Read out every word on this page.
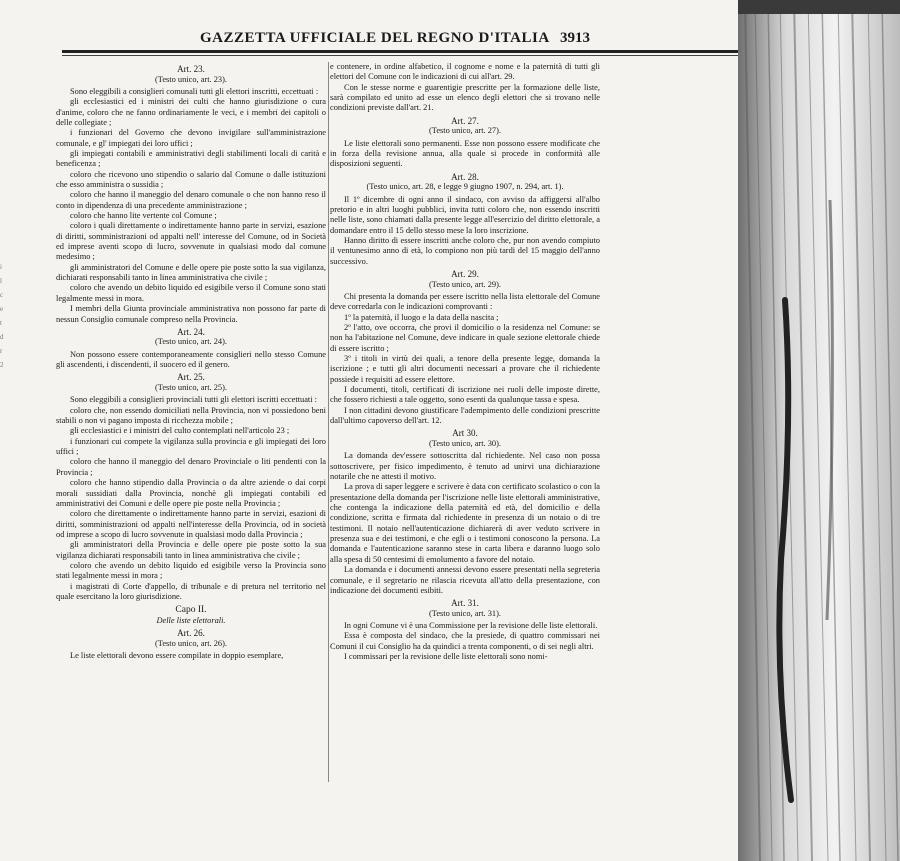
GAZZETTA UFFICIALE DEL REGNO D'ITALIA 3913
i
l
c
e
t
d
r
2

Art. 23.

(Testo unico, art. 23).

Sono eleggibili a consiglieri comunali tutti gli elettori inscritti, eccettuati :

gli ecclesiastici ed i ministri dei culti che hanno giurisdizione o cura d'anime, coloro che ne fanno ordinariamente le veci, e i membri dei capitoli o delle collegiate ;

i funzionari del Governo che devono invigilare sull'amministrazione comunale, e gl' impiegati dei loro uffici ;

gli impiegati contabili e amministrativi degli stabilimenti locali di carità e beneficenza ;

coloro che ricevono uno stipendio o salario dal Comune o dalle istituzioni che esso amministra o sussidia ;

coloro che hanno il maneggio del denaro comunale o che non hanno reso il conto in dipendenza di una precedente amministrazione ;

coloro che hanno lite vertente col Comune ;

coloro i quali direttamente o indirettamente hanno parte in servizi, esazione di diritti, somministrazioni od appalti nell' interesse del Comune, od in Società ed imprese aventi scopo di lucro, sovvenute in qualsiasi modo dal comune medesimo ;

gli amministratori del Comune e delle opere pie poste sotto la sua vigilanza, dichiarati responsabili tanto in linea amministrativa che civile ;

coloro che avendo un debito liquido ed esigibile verso il Comune sono stati legalmente messi in mora.

I membri della Giunta provinciale amministrativa non possono far parte di nessun Consiglio comunale compreso nella Provincia.

Art. 24.

(Testo unico, art. 24).

Non possono essere contemporaneamente consiglieri nello stesso Comune gli ascendenti, i discendenti, il suocero ed il genero.

Art. 25.

(Testo unico, art. 25).

Sono eleggibili a consiglieri provinciali tutti gli elettori iscritti eccettuati :

coloro che, non essendo domiciliati nella Provincia, non vi possiedono beni stabili o non vi pagano imposta di ricchezza mobile ;

gli ecclesiastici e i ministri del culto contemplati nell'articolo 23 ;

i funzionari cui compete la vigilanza sulla provincia e gli impiegati dei loro uffici ;

coloro che hanno il maneggio del denaro Provinciale o liti pendenti con la Provincia ;

coloro che hanno stipendio dalla Provincia o da altre aziende o dai corpi morali sussidiati dalla Provincia, nonchè gli impiegati contabili ed amministrativi dei Comuni e delle opere pie poste nella Provincia ;

coloro che direttamente o indirettamente hanno parte in servizi, esazioni di diritti, somministrazioni od appalti nell'interesse della Provincia, od in società od imprese a scopo di lucro sovvenute in qualsiasi modo dalla Provincia ;

gli amministratori della Provincia e delle opere pie poste sotto la sua vigilanza dichiarati responsabili tanto in linea amministrativa che civile ;

coloro che avendo un debito liquido ed esigibile verso la Provincia sono stati legalmente messi in mora ;

i magistrati di Corte d'appello, di tribunale e di pretura nel territorio nel quale esercitano la loro giurisdizione.

Capo II.

Delle liste elettorali.

Art. 26.

(Testo unico, art. 26).

Le liste elettorali devono essere compilate in doppio esemplare,

e contenere, in ordine alfabetico, il cognome e nome e la paternità di tutti gli elettori del Comune con le indicazioni di cui all'art. 29.

Con le stesse norme e guarentigie prescritte per la formazione delle liste, sarà compilato ed unito ad esse un elenco degli elettori che si trovano nelle condizioni previste dall'art. 21.

Art. 27.

(Testo unico, art. 27).

Le liste elettorali sono permanenti. Esse non possono essere modificate che in forza della revisione annua, alla quale si procede in conformità alle disposizioni seguenti.

Art. 28.

(Testo unico, art. 28, e legge 9 giugno 1907, n. 294, art. 1).

Il 1º dicembre di ogni anno il sindaco, con avviso da affiggersi all'albo pretorio e in altri luoghi pubblici, invita tutti coloro che, non essendo inscritti nelle liste, sono chiamati dalla presente legge all'esercizio del diritto elettorale, a domandare entro il 15 dello stesso mese la loro inscrizione.

Hanno diritto di essere inscritti anche coloro che, pur non avendo compiuto il ventunesimo anno di età, lo compiono non più tardi del 15 maggio dell'anno successivo.

Art. 29.

(Testo unico, art. 29).

Chi presenta la domanda per essere iscritto nella lista elettorale del Comune deve corredarla con le indicazioni comprovanti :

1º la paternità, il luogo e la data della nascita ;

2º l'atto, ove occorra, che provi il domicilio o la residenza nel Comune: se non ha l'abitazione nel Comune, deve indicare in quale sezione elettorale chiede di essere iscritto ;

3º i titoli in virtù dei quali, a tenore della presente legge, domanda la iscrizione ; e tutti gli altri documenti necessari a provare che il richiedente possiede i requisiti ad essere elettore.

I documenti, titoli, certificati di iscrizione nei ruoli delle imposte dirette, che fossero richiesti a tale oggetto, sono esenti da qualunque tassa e spesa.

I non cittadini devono giustificare l'adempimento delle condizioni prescritte dall'ultimo capoverso dell'art. 12.

Art 30.

(Testo unico, art. 30).

La domanda dev'essere sottoscritta dal richiedente. Nel caso non possa sottoscrivere, per fisico impedimento, è tenuto ad unirvi una dichiarazione notarile che ne attesti il motivo.

La prova di saper leggere e scrivere è data con certificato scolastico o con la presentazione della domanda per l'iscrizione nelle liste elettorali amministrative, che contenga la indicazione della paternità ed età, del domicilio e della condizione, scritta e firmata dal richiedente in presenza di un notaio o di tre testimoni. Il notaio nell'autenticazione dichiarerà di aver veduto scrivere in presenza sua e dei testimoni, e che egli o i testimoni conoscono la persona. La domanda e l'autenticazione saranno stese in carta libera e daranno luogo solo alla spesa di 50 centesimi di emolumento a favore del notaio.

La domanda e i documenti annessi devono essere presentati nella segreteria comunale, e il segretario ne rilascia ricevuta all'atto della presentazione, con indicazione dei documenti esibiti.

Art. 31.

(Testo unico, art. 31).

In ogni Comune vi è una Commissione per la revisione delle liste elettorali.

Essa è composta del sindaco, che la presiede, di quattro commissari nei Comuni il cui Consiglio ha da quindici a trenta componenti, o di sei negli altri.

I commissari per la revisione delle liste elettorali sono nomi-
